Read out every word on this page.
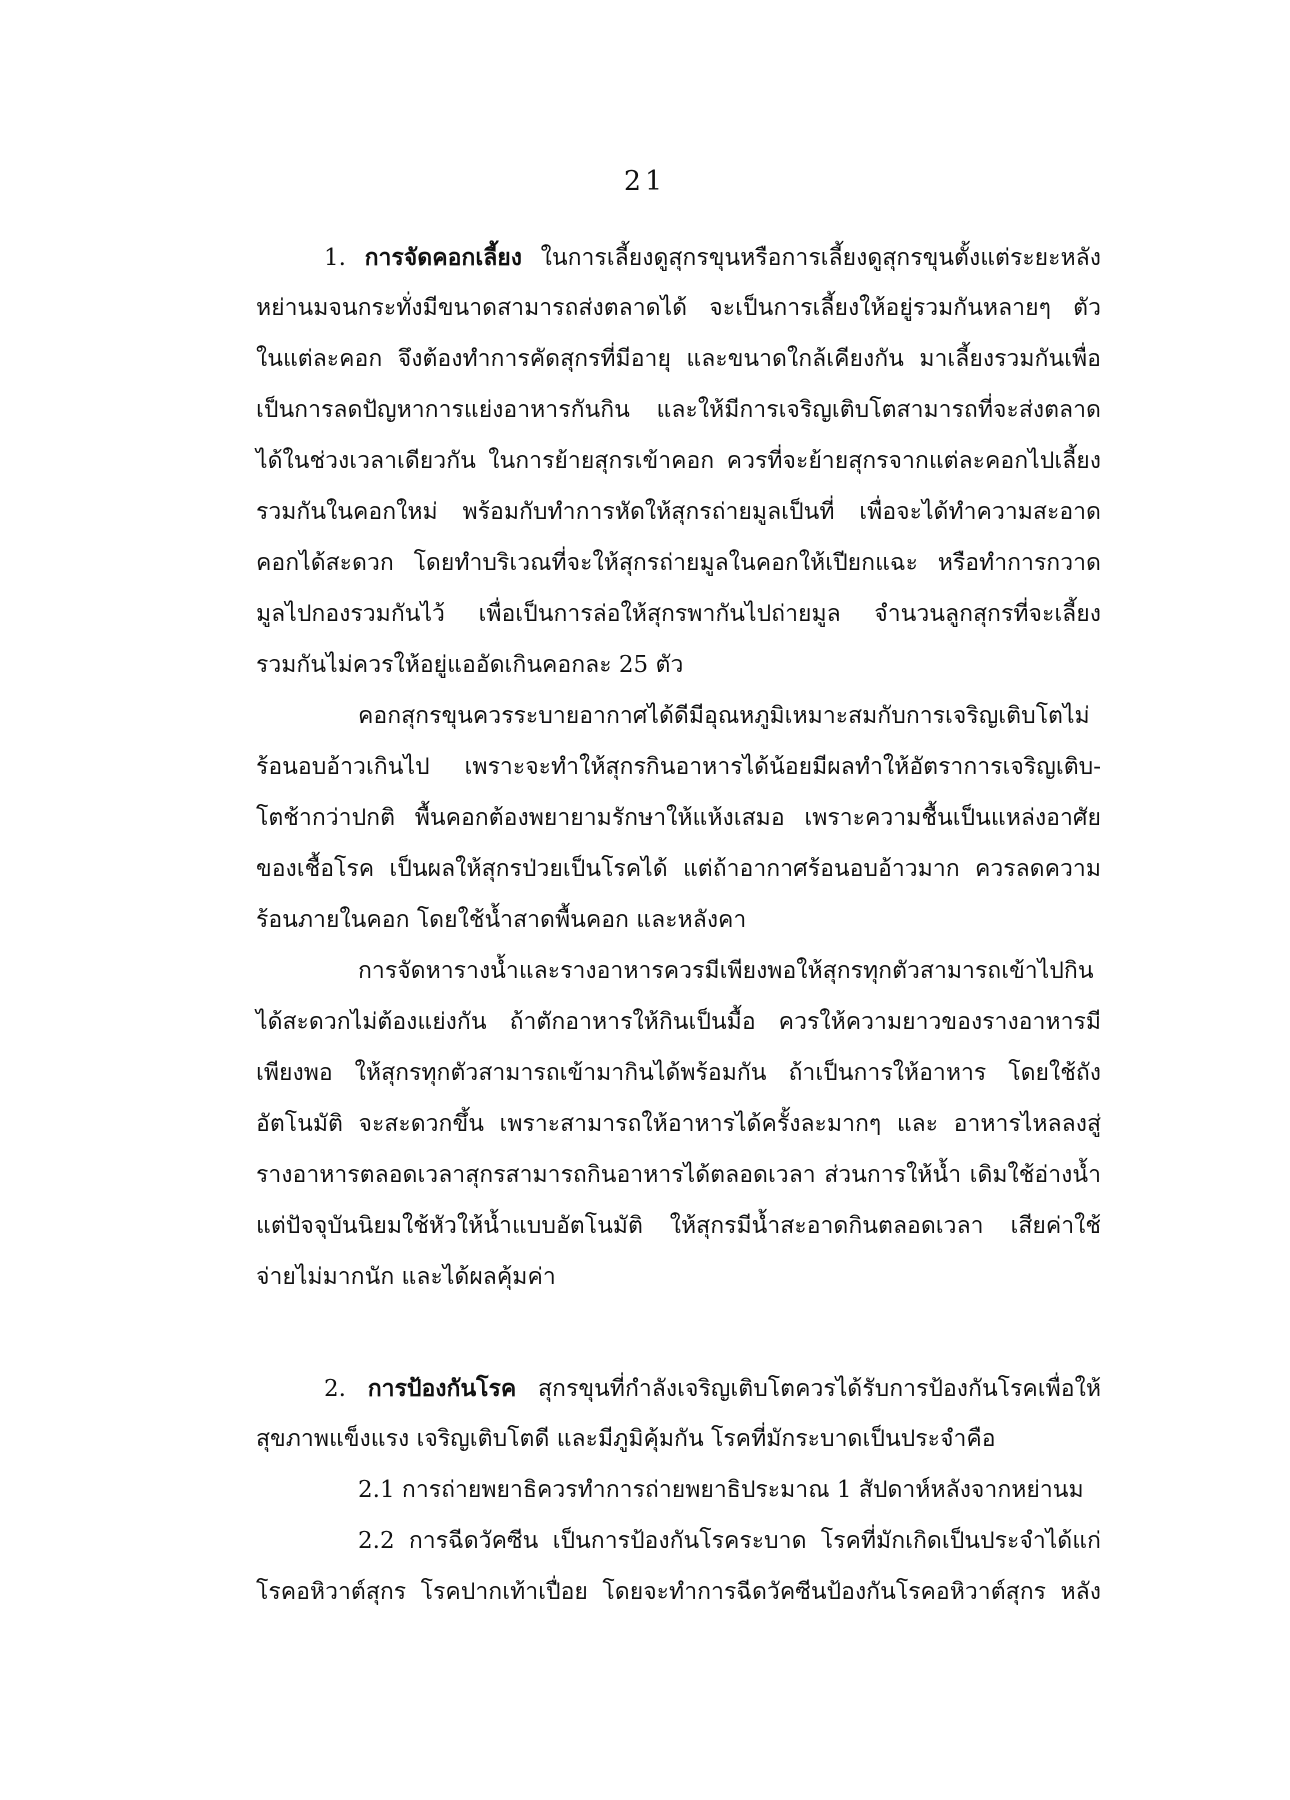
21
1. การจัดคอกเลี้ยง ในการเลี้ยงดูสุกรขุนหรือการเลี้ยงดูสุกรขุนตั้งแต่ระยะหลัง
หย่านมจนกระทั่งมีขนาดสามารถส่งตลาดได้ จะเป็นการเลี้ยงให้อยู่รวมกันหลายๆ ตัว
ในแต่ละคอก จึงต้องทำการคัดสุกรที่มีอายุ และขนาดใกล้เคียงกัน มาเลี้ยงรวมกันเพื่อ
เป็นการลดปัญหาการแย่งอาหารกันกิน และให้มีการเจริญเติบโตสามารถที่จะส่งตลาด
ได้ในช่วงเวลาเดียวกัน ในการย้ายสุกรเข้าคอก ควรที่จะย้ายสุกรจากแต่ละคอกไปเลี้ยง
รวมกันในคอกใหม่ พร้อมกับทำการหัดให้สุกรถ่ายมูลเป็นที่ เพื่อจะได้ทำความสะอาด
คอกได้สะดวก โดยทำบริเวณที่จะให้สุกรถ่ายมูลในคอกให้เปียกแฉะ หรือทำการกวาด
มูลไปกองรวมกันไว้ เพื่อเป็นการล่อให้สุกรพากันไปถ่ายมูล จำนวนลูกสุกรที่จะเลี้ยง
รวมกันไม่ควรให้อยู่แออัดเกินคอกละ 25 ตัว
คอกสุกรขุนควรระบายอากาศได้ดีมีอุณหภูมิเหมาะสมกับการเจริญเติบโตไม่
ร้อนอบอ้าวเกินไป เพราะจะทำให้สุกรกินอาหารได้น้อยมีผลทำให้อัตราการเจริญเติบ-
โตช้ากว่าปกติ พื้นคอกต้องพยายามรักษาให้แห้งเสมอ เพราะความชื้นเป็นแหล่งอาศัย
ของเชื้อโรค เป็นผลให้สุกรป่วยเป็นโรคได้ แต่ถ้าอากาศร้อนอบอ้าวมาก ควรลดความ
ร้อนภายในคอก โดยใช้น้ำสาดพื้นคอก และหลังคา
การจัดหารางน้ำและรางอาหารควรมีเพียงพอให้สุกรทุกตัวสามารถเข้าไปกิน
ได้สะดวกไม่ต้องแย่งกัน ถ้าตักอาหารให้กินเป็นมื้อ ควรให้ความยาวของรางอาหารมี
เพียงพอ ให้สุกรทุกตัวสามารถเข้ามากินได้พร้อมกัน ถ้าเป็นการให้อาหาร โดยใช้ถัง
อัตโนมัติ จะสะดวกขึ้น เพราะสามารถให้อาหารได้ครั้งละมากๆ และ อาหารไหลลงสู่
รางอาหารตลอดเวลาสุกรสามารถกินอาหารได้ตลอดเวลา ส่วนการให้น้ำ เดิมใช้อ่างน้ำ
แต่ปัจจุบันนิยมใช้หัวให้น้ำแบบอัตโนมัติ ให้สุกรมีน้ำสะอาดกินตลอดเวลา เสียค่าใช้
จ่ายไม่มากนัก และได้ผลคุ้มค่า
2. การป้องกันโรค สุกรขุนที่กำลังเจริญเติบโตควรได้รับการป้องกันโรคเพื่อให้
สุขภาพแข็งแรง เจริญเติบโตดี และมีภูมิคุ้มกัน โรคที่มักระบาดเป็นประจำคือ
2.1 การถ่ายพยาธิควรทำการถ่ายพยาธิประมาณ 1 สัปดาห์หลังจากหย่านม
2.2 การฉีดวัคซีน เป็นการป้องกันโรคระบาด โรคที่มักเกิดเป็นประจำได้แก่
โรคอหิวาต์สุกร โรคปากเท้าเปื่อย โดยจะทำการฉีดวัคซีนป้องกันโรคอหิวาต์สุกร หลัง
